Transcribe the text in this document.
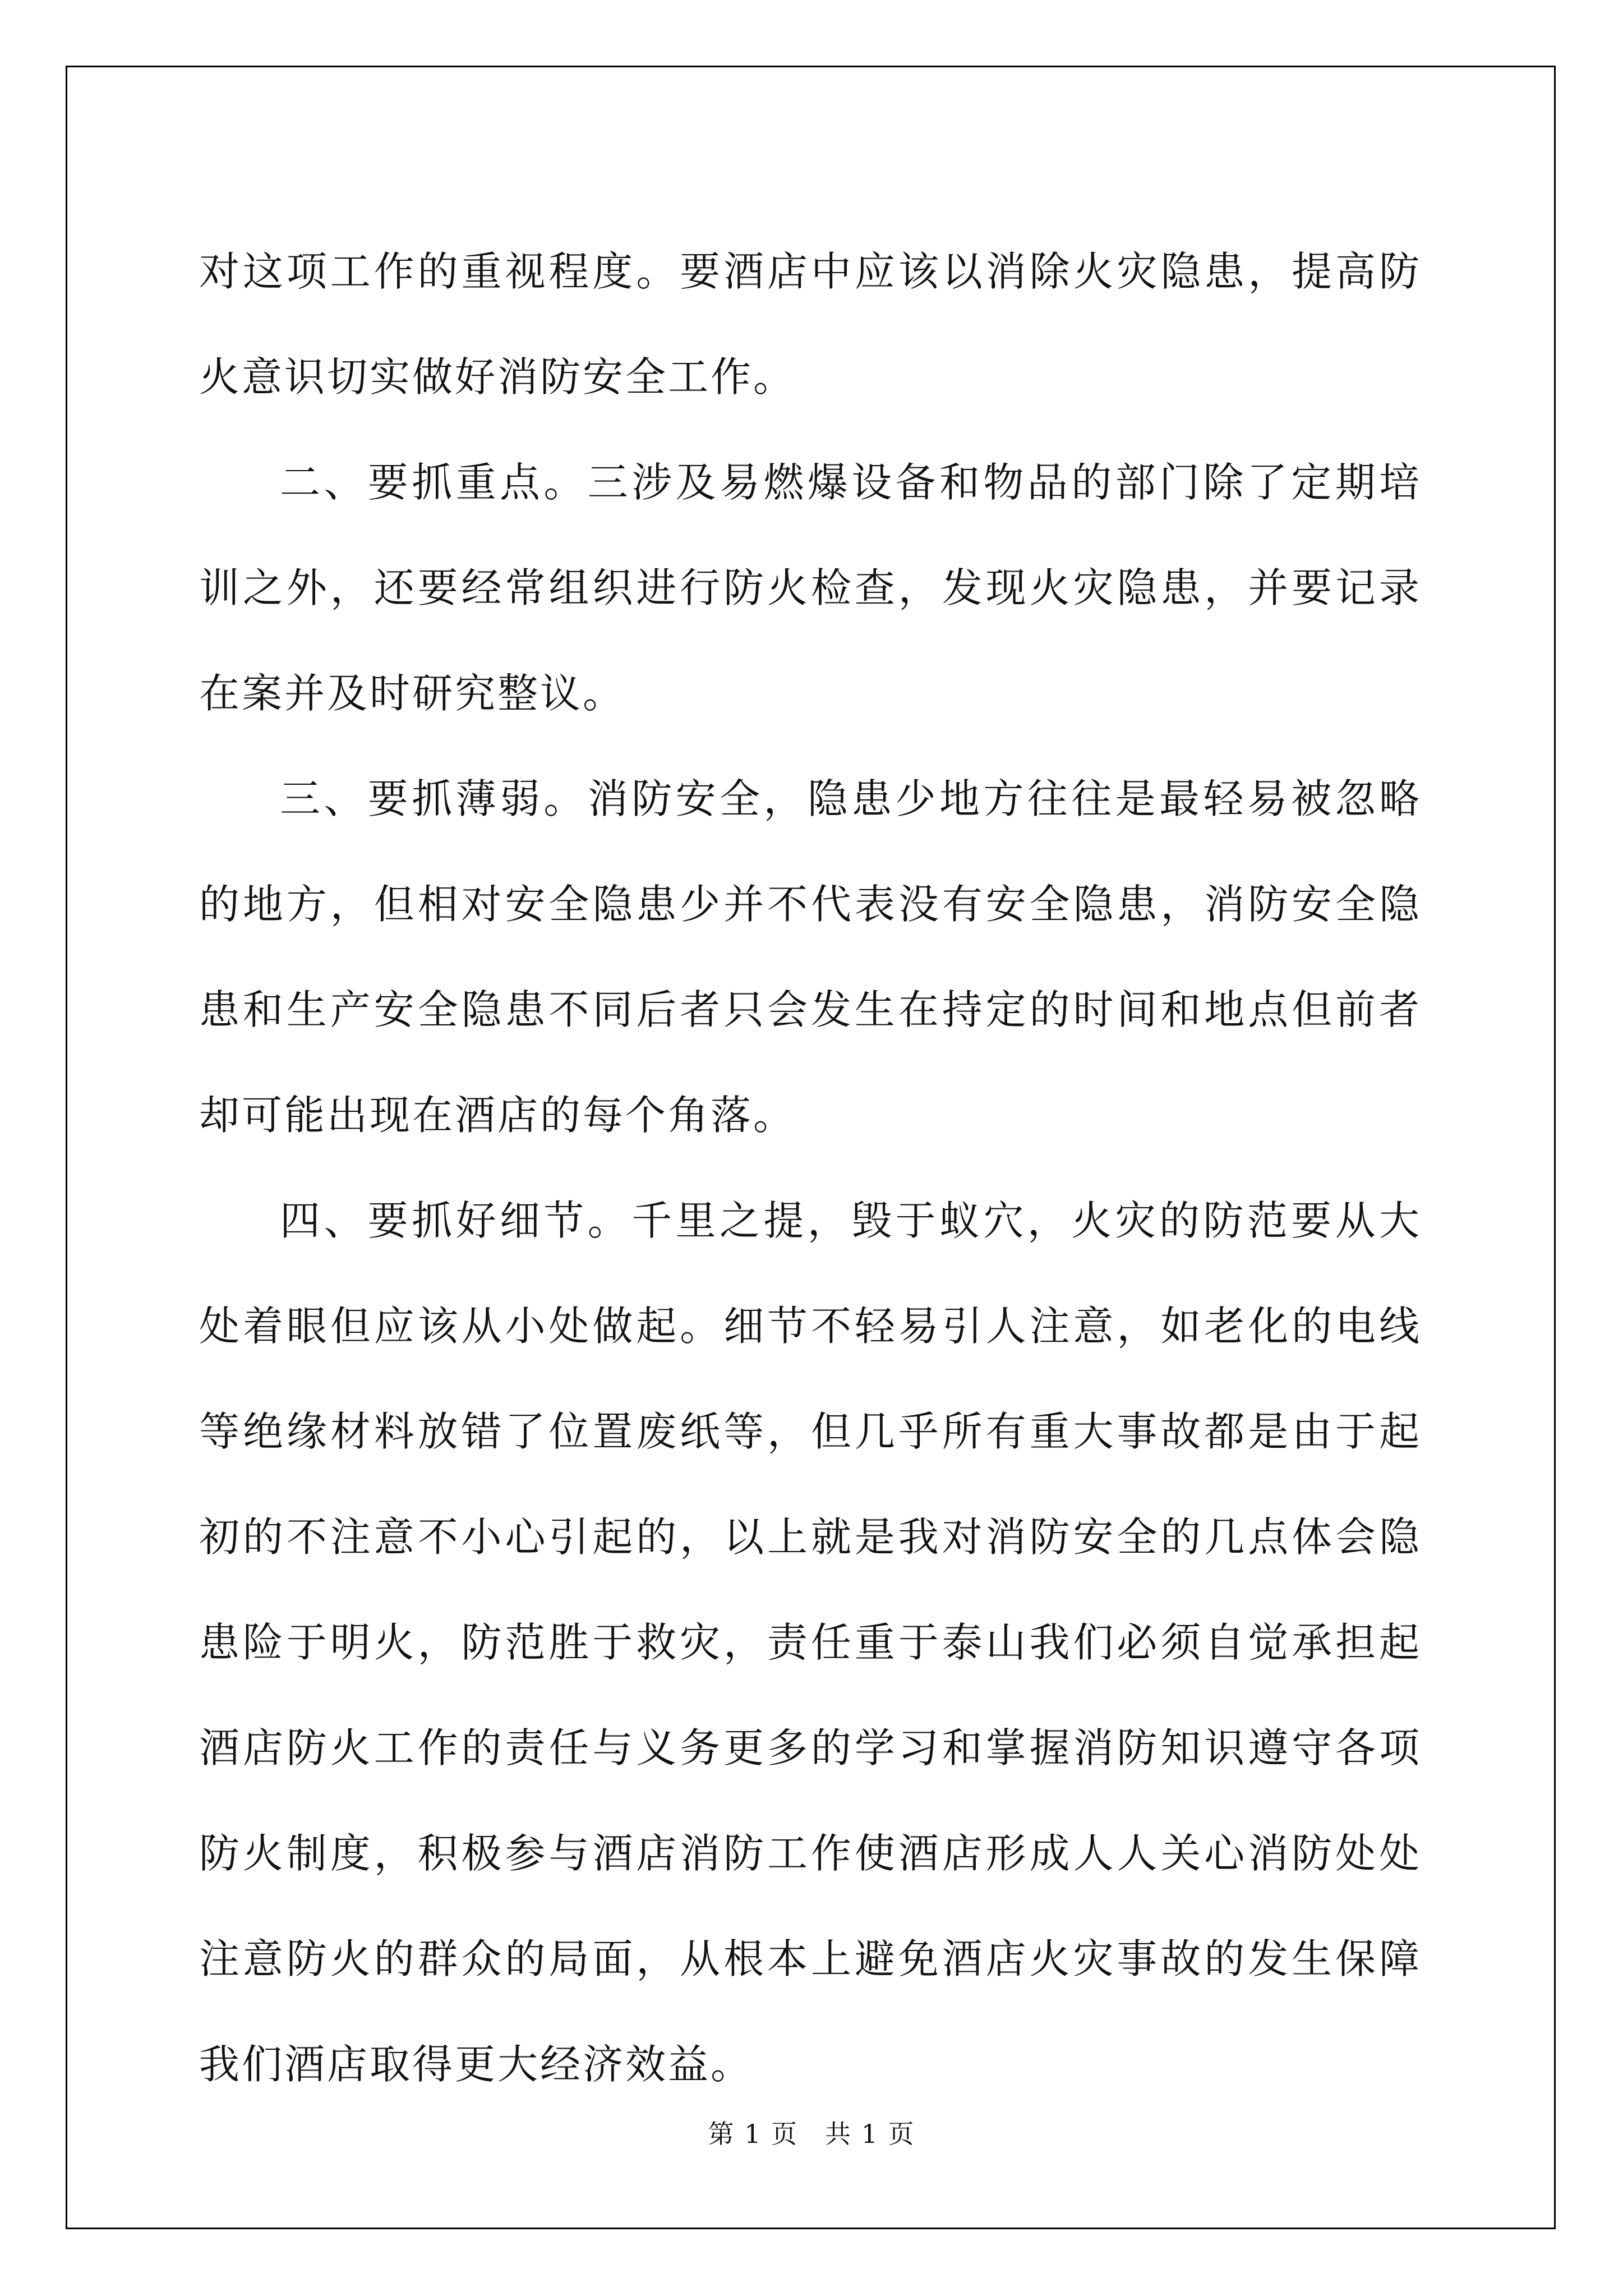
对这项工作的重视程度。要酒店中应该以消除火灾隐患，提高防火意识切实做好消防安全工作。

二、要抓重点。三涉及易燃爆设备和物品的部门除了定期培训之外，还要经常组织进行防火检查，发现火灾隐患，并要记录在案并及时研究整议。

三、要抓薄弱。消防安全，隐患少地方往往是最轻易被忽略的地方，但相对安全隐患少并不代表没有安全隐患，消防安全隐患和生产安全隐患不同后者只会发生在持定的时间和地点但前者却可能出现在酒店的每个角落。

四、要抓好细节。千里之提，毁于蚁穴，火灾的防范要从大处着眼但应该从小处做起。细节不轻易引人注意，如老化的电线等绝缘材料放错了位置废纸等，但几乎所有重大事故都是由于起初的不注意不小心引起的，以上就是我对消防安全的几点体会隐患险于明火，防范胜于救灾，责任重于泰山我们必须自觉承担起酒店防火工作的责任与义务更多的学习和掌握消防知识遵守各项防火制度，积极参与酒店消防工作使酒店形成人人关心消防处处注意防火的群众的局面，从根本上避免酒店火灾事故的发生保障我们酒店取得更大经济效益。

第 1 页　共 1 页
